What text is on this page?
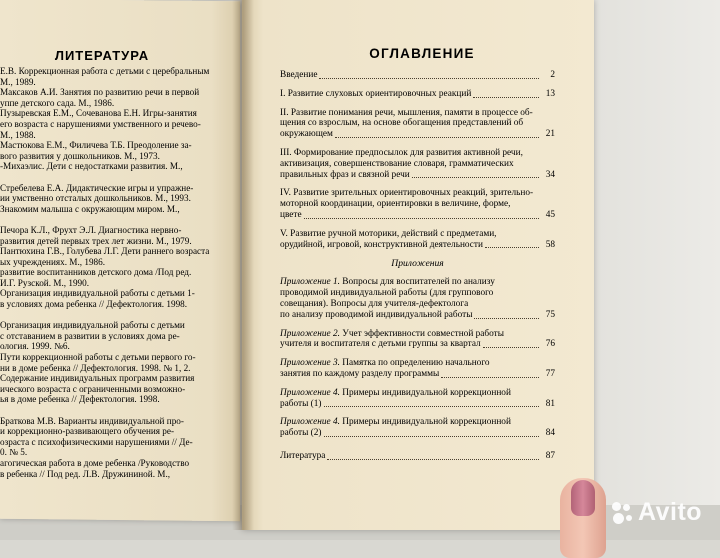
ЛИТЕРАТУРА
Е.В. Коррекционная работа с детьми с церебральным
М., 1989.
Максаков А.И. Занятия по развитию речи в первой
уппе детского сада. М., 1986.
Пузыревская Е.М., Сочеванова Е.Н. Игры-занятия
его возраста с нарушениями умственного и речево-
М., 1988.
Мастюкова Е.М., Филичева Т.Б. Преодоление за-
вого развития у дошкольников. М., 1973.
-Михаэлис. Дети с недостатками развития. М.,
Стребелева Е.А. Дидактические игры и упражне-
ии умственно отсталых дошкольников. М., 1993.
Знакомим малыша с окружающим миром. М.,
Печора К.Л., Фрухт Э.Л. Диагностика нервно-
развития детей первых трех лет жизни. М., 1979.
Пантюхина Г.В., Голубева Л.Г. Дети раннего возраста
ых учреждениях. М., 1986.
развитие воспитанников детского дома /Под ред.
И.Г. Рузской. М., 1990.
Организация индивидуальной работы с детьми 1-
в условиях дома ребенка // Дефектология. 1998.
Организация индивидуальной работы с детьми
с отставанием в развитии в условиях дома ре-
ология. 1999. №6.
Пути коррекционной работы с детьми первого го-
ни в доме ребенка // Дефектология. 1998. № 1, 2.
Содержание индивидуальных программ развития
ического возраста с ограниченными возможно-
ья в доме ребенка // Дефектология. 1998.
Браткова М.В. Варианты индивидуальной про-
и коррекционно-развивающего обучения ре-
озраста с психофизическими нарушениями // Де-
0. № 5.
агогическая работа в доме ребенка /Руководство
в ребенка // Под ред. Л.В. Дружининой. М.,
ОГЛАВЛЕНИЕ
Введение	2
I. Развитие слуховых ориентировочных реакций	13
II. Развитие понимания речи, мышления, памяти в процессе об-
щения со взрослым, на основе обогащения представлений об
окружающем	21
III. Формирование предпосылок для развития активной речи,
активизация, совершенствование словаря, грамматических
правильных фраз и связной речи	34
IV. Развитие зрительных ориентировочных реакций, зрительно-
моторной координации, ориентировки в величине, форме,
цвете	45
V. Развитие ручной моторики, действий с предметами,
орудийной, игровой, конструктивной деятельности	58
Приложения
Приложение 1. Вопросы для воспитателей по анализу
проводимой индивидуальной работы (для группового
совещания). Вопросы для учителя-дефектолога
по анализу проводимой индивидуальной работы	75
Приложение 2. Учет эффективности совместной работы
учителя и воспитателя с детьми группы за квартал	76
Приложение 3. Памятка по определению начального
занятия по каждому разделу программы	77
Приложение 4. Примеры индивидуальной коррекционной
работы (1)	81
Приложение 4. Примеры индивидуальной коррекционной
работы (2)	84
Литература	87
Avito
